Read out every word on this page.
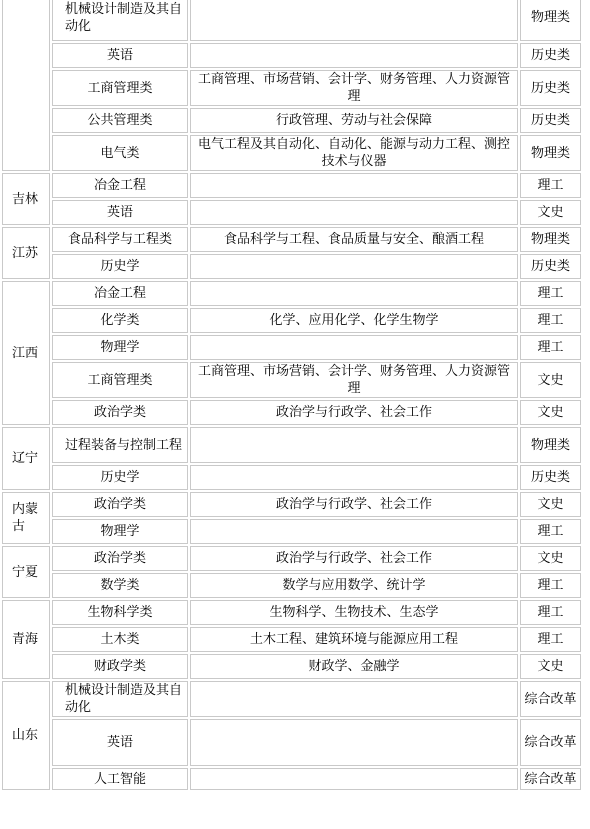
	机械设计制造及其自动化		物理类
	英语		历史类
	工商管理类	工商管理、市场营销、会计学、财务管理、人力资源管理	历史类
	公共管理类	行政管理、劳动与社会保障	历史类
	电气类	电气工程及其自动化、自动化、能源与动力工程、测控技术与仪器	物理类
吉林	冶金工程		理工
	英语		文史
江苏	食品科学与工程类	食品科学与工程、食品质量与安全、酿酒工程	物理类
	历史学		历史类
江西	冶金工程		理工
	化学类	化学、应用化学、化学生物学	理工
	物理学		理工
	工商管理类	工商管理、市场营销、会计学、财务管理、人力资源管理	文史
	政治学类	政治学与行政学、社会工作	文史
辽宁	过程装备与控制工程		物理类
	历史学		历史类
内蒙古	政治学类	政治学与行政学、社会工作	文史
	物理学		理工
宁夏	政治学类	政治学与行政学、社会工作	文史
	数学类	数学与应用数学、统计学	理工
青海	生物科学类	生物科学、生物技术、生态学	理工
	土木类	土木工程、建筑环境与能源应用工程	理工
	财政学类	财政学、金融学	文史
山东	机械设计制造及其自动化		综合改革
	英语		综合改革
	人工智能		综合改革
